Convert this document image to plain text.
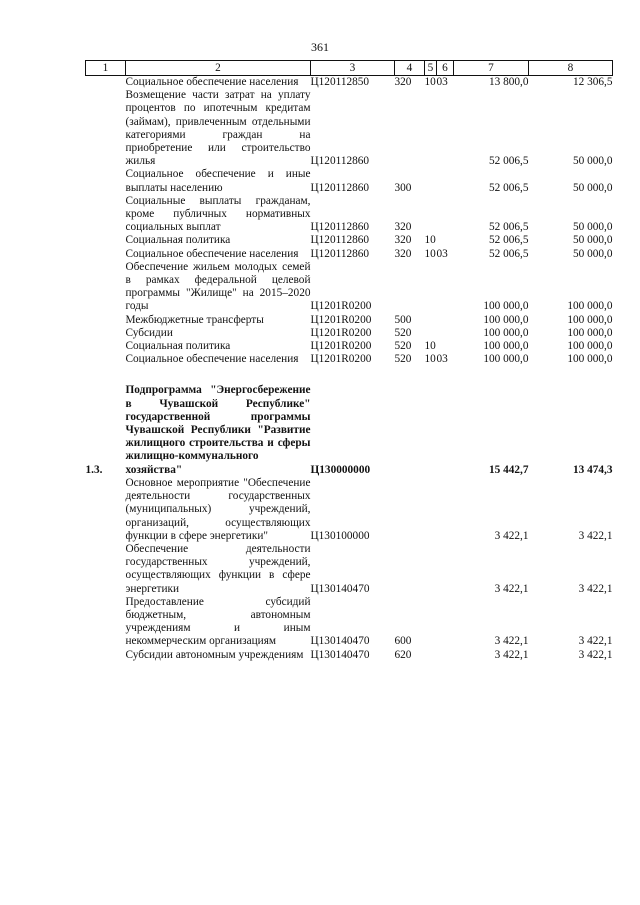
361
1	2	3	4	5	6	7	8
	Социальное обеспечение населения	Ц120112850	320	10	03	13 800,0	12 306,5
	Возмещение части затрат на уплату процентов по ипотечным кредитам (займам), привлеченным отдельными категориями граждан на приобретение или строительство жилья	Ц120112860				52 006,5	50 000,0
	Социальное обеспечение и иные выплаты населению	Ц120112860	300			52 006,5	50 000,0
	Социальные выплаты гражданам, кроме публичных нормативных социальных выплат	Ц120112860	320			52 006,5	50 000,0
	Социальная политика	Ц120112860	320	10		52 006,5	50 000,0
	Социальное обеспечение населения	Ц120112860	320	10	03	52 006,5	50 000,0
	Обеспечение жильем молодых семей в рамках федеральной целевой программы "Жилище" на 2015–2020 годы	Ц1201R0200				100 000,0	100 000,0
	Межбюджетные трансферты	Ц1201R0200	500			100 000,0	100 000,0
	Субсидии	Ц1201R0200	520			100 000,0	100 000,0
	Социальная политика	Ц1201R0200	520	10		100 000,0	100 000,0
	Социальное обеспечение населения	Ц1201R0200	520	10	03	100 000,0	100 000,0

1.3.	Подпрограмма "Энергосбережение в Чувашской Республике" государственной программы Чувашской Республики "Развитие жилищного строительства и сферы жилищно-коммунального хозяйства"	Ц130000000				15 442,7	13 474,3
	Основное мероприятие "Обеспечение деятельности государственных (муниципальных) учреждений, организаций, осуществляющих функции в сфере энергетики"	Ц130100000				3 422,1	3 422,1
	Обеспечение деятельности государственных учреждений, осуществляющих функции в сфере энергетики	Ц130140470				3 422,1	3 422,1
	Предоставление субсидий бюджетным, автономным учреждениям и иным некоммерческим организациям	Ц130140470	600			3 422,1	3 422,1
	Субсидии автономным учреждениям	Ц130140470	620			3 422,1	3 422,1
